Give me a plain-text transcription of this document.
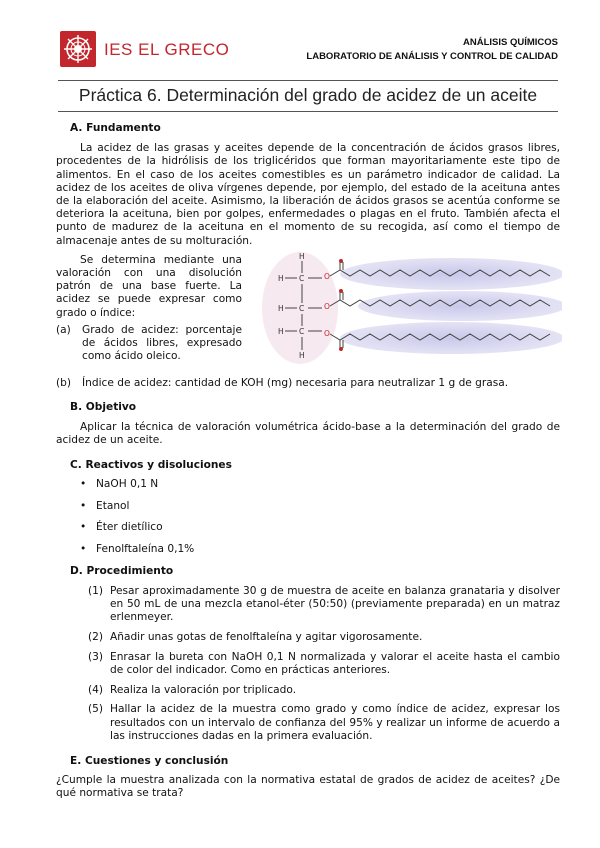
IES EL GRECO	ANÁLISIS QUÍMICOS
LABORATORIO DE ANÁLISIS Y CONTROL DE CALIDAD
Práctica 6. Determinación del grado de acidez de un aceite
A. Fundamento

La acidez de las grasas y aceites depende de la concentración de ácidos grasos libres, procedentes de la hidrólisis de los triglicéridos que forman mayoritariamente este tipo de alimentos. En el caso de los aceites comestibles es un parámetro indicador de calidad. La acidez de los aceites de oliva vírgenes depende, por ejemplo, del estado de la aceituna antes de la elaboración del aceite. Asimismo, la liberación de ácidos grasos se acentúa conforme se deteriora la aceituna, bien por golpes, enfermedades o plagas en el fruto. También afecta el punto de madurez de la aceituna en el momento de su recogida, así como el tiempo de almacenaje antes de su molturación.

Se determina mediante una valoración con una disolución patrón de una base fuerte. La acidez se puede expresar como grado o índice:

(a) Grado de acidez: porcentaje de ácidos libres, expresado como ácido oleico.
H
H C	O
H C	O
H C	O
H
(b) Índice de acidez: cantidad de KOH (mg) necesaria para neutralizar 1 g de grasa.
B. Objetivo

Aplicar la técnica de valoración volumétrica ácido-base a la determinación del grado de acidez de un aceite.

C. Reactivos y disoluciones
• NaOH 0,1 N
• Etanol
• Éter dietílico
• Fenolftaleína 0,1%
D. Procedimiento
(1) Pesar aproximadamente 30 g de muestra de aceite en balanza granataria y disolver en 50 mL de una mezcla etanol-éter (50:50) (previamente preparada) en un matraz erlenmeyer.
(2) Añadir unas gotas de fenolftaleína y agitar vigorosamente.
(3) Enrasar la bureta con NaOH 0,1 N normalizada y valorar el aceite hasta el cambio de color del indicador. Como en prácticas anteriores.
(4) Realiza la valoración por triplicado.
(5) Hallar la acidez de la muestra como grado y como índice de acidez, expresar los resultados con un intervalo de confianza del 95% y realizar un informe de acuerdo a las instrucciones dadas en la primera evaluación.
E. Cuestiones y conclusión

¿Cumple la muestra analizada con la normativa estatal de grados de acidez de aceites? ¿De qué normativa se trata?
